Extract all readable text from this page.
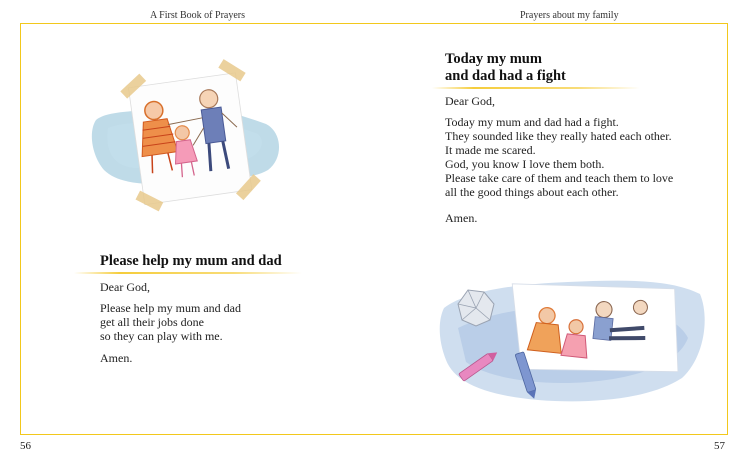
A First Book of Prayers	Prayers about my family
Please help my mum and dad
Dear God,
Please help my mum and dad
get all their jobs done
so they can play with me.
Amen.
Today my mum
and dad had a fight
Dear God,
Today my mum and dad had a fight.
They sounded like they really hated each other.
It made me scared.
God, you know I love them both.
Please take care of them and teach them to love
all the good things about each other.
Amen.
56	57
